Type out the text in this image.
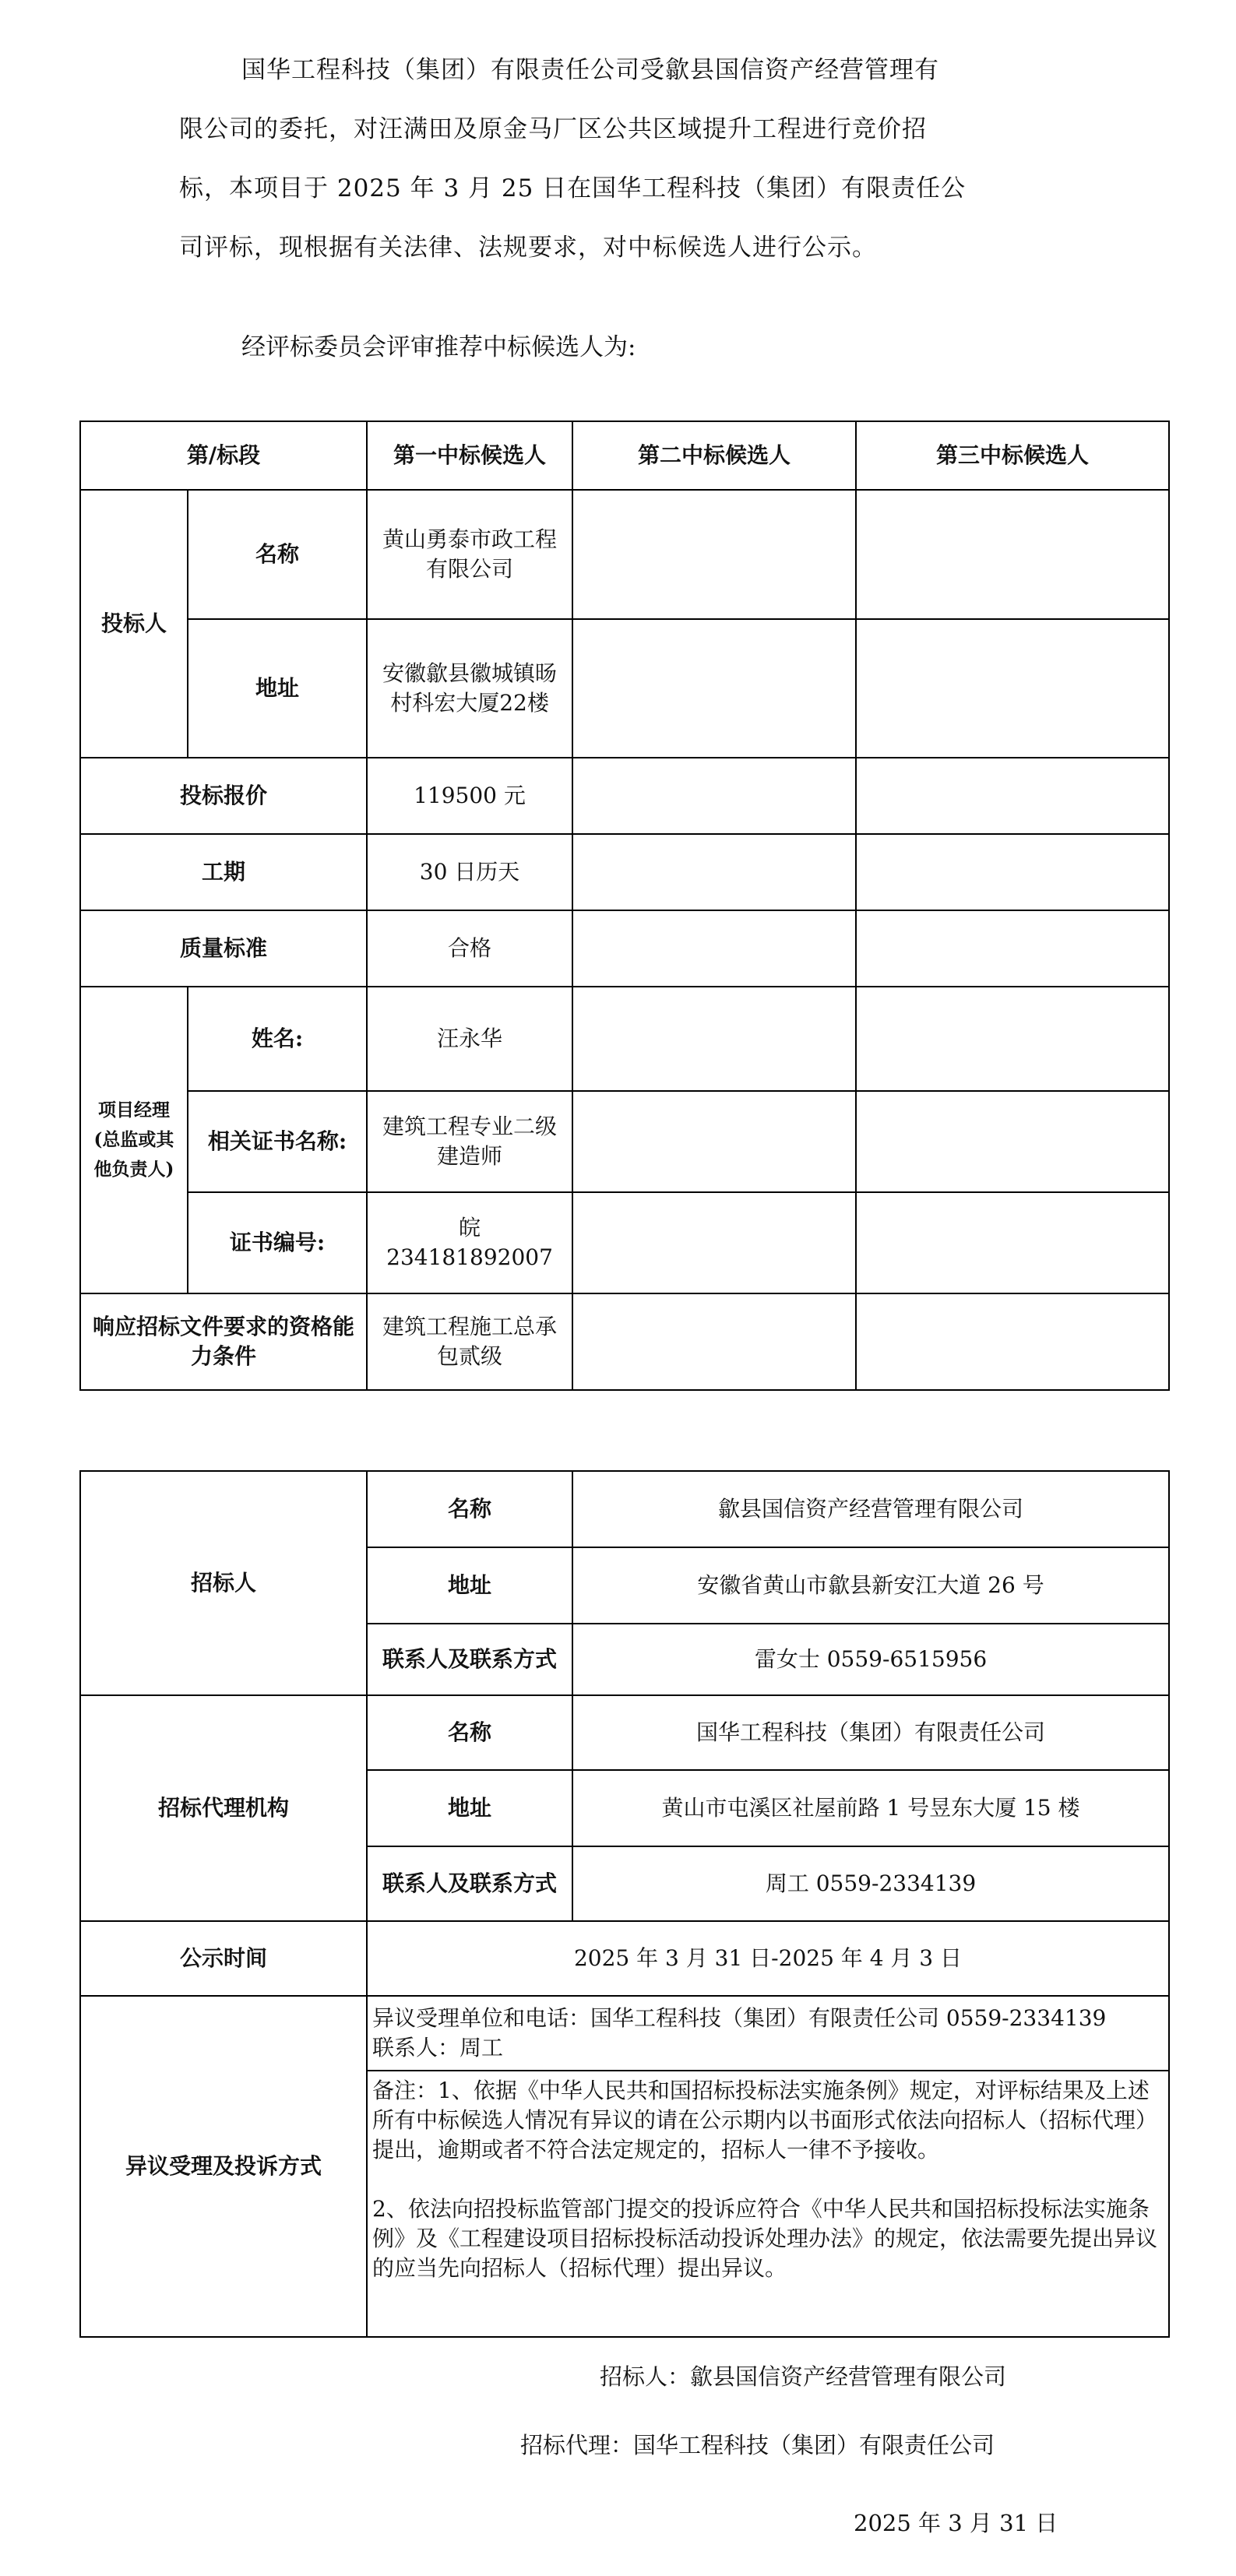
国华工程科技（集团）有限责任公司受歙县国信资产经营管理有
限公司的委托，对汪满田及原金马厂区公共区域提升工程进行竞价招
标，本项目于 2025 年 3 月 25 日在国华工程科技（集团）有限责任公
司评标，现根据有关法律、法规要求，对中标候选人进行公示。
经评标委员会评审推荐中标候选人为:
第/标段		第一中标候选人	第二中标候选人	第三中标候选人
投标人	名称	黄山勇泰市政工程有限公司		
	地址	安徽歙县徽城镇旸村科宏大厦22楼		
投标报价		119500 元		
工期		30 日历天		
质量标准		合格		
项目经理(总监或其他负责人)	姓名:	汪永华		
	相关证书名称:	建筑工程专业二级建造师		
	证书编号:	皖 234181892007		
响应招标文件要求的资格能力条件		建筑工程施工总承包贰级		
招标人	名称	歙县国信资产经营管理有限公司
	地址	安徽省黄山市歙县新安江大道 26 号
	联系人及联系方式	雷女士 0559-6515956
招标代理机构	名称	国华工程科技（集团）有限责任公司
	地址	黄山市屯溪区社屋前路 1 号昱东大厦 15 楼
	联系人及联系方式	周工 0559-2334139
公示时间	2025 年 3 月 31 日-2025 年 4 月 3 日	
异议受理及投诉方式	异议受理单位和电话：国华工程科技（集团）有限责任公司 0559-2334139
联系人：周工	

	备注：1、依据《中华人民共和国招标投标法实施条例》规定，对评标结果及上述所有中标候选人情况有异议的请在公示期内以书面形式依法向招标人（招标代理）提出，逾期或者不符合法定规定的，招标人一律不予接收。
2、依法向招投标监管部门提交的投诉应符合《中华人民共和国招标投标法实施条例》及《工程建设项目招标投标活动投诉处理办法》的规定，依法需要先提出异议的应当先向招标人（招标代理）提出异议。	
招标人：歙县国信资产经营管理有限公司
招标代理：国华工程科技（集团）有限责任公司
2025 年 3 月 31 日
